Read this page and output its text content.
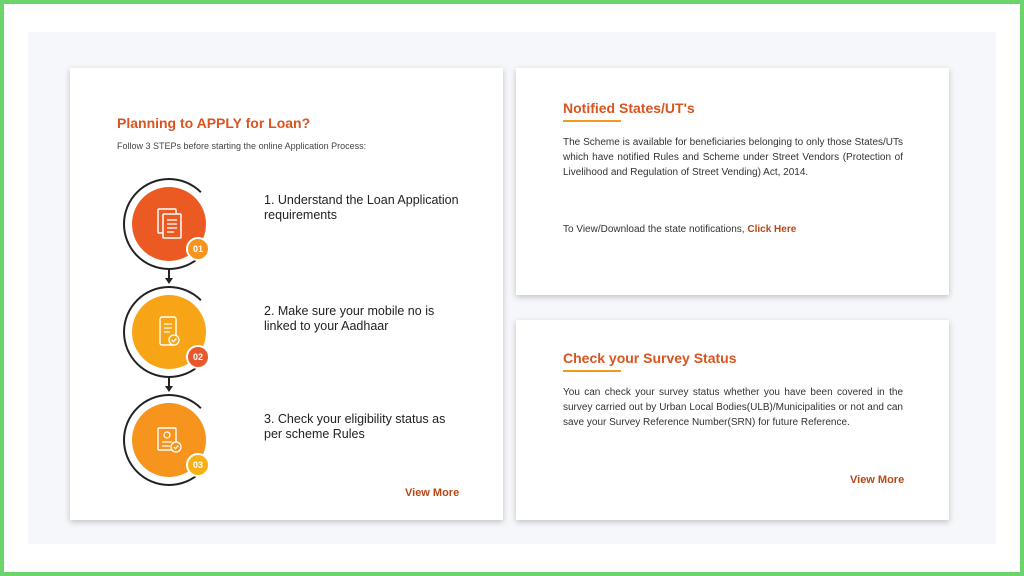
Planning to APPLY for Loan?
Follow 3 STEPs before starting the online Application Process:
01
1. Understand the Loan Application requirements
02
2. Make sure your mobile no is linked to your Aadhaar
03
3. Check your eligibility status as per scheme Rules
View More
Notified States/UT's
The Scheme is available for beneficiaries belonging to only those States/UTs which have notified Rules and Scheme under Street Vendors (Protection of Livelihood and Regulation of Street Vending) Act, 2014.
To View/Download the state notifications, Click Here
Check your Survey Status
You can check your survey status whether you have been covered in the survey carried out by Urban Local Bodies(ULB)/Municipalities or not and can save your Survey Reference Number(SRN) for future Reference.
View More
